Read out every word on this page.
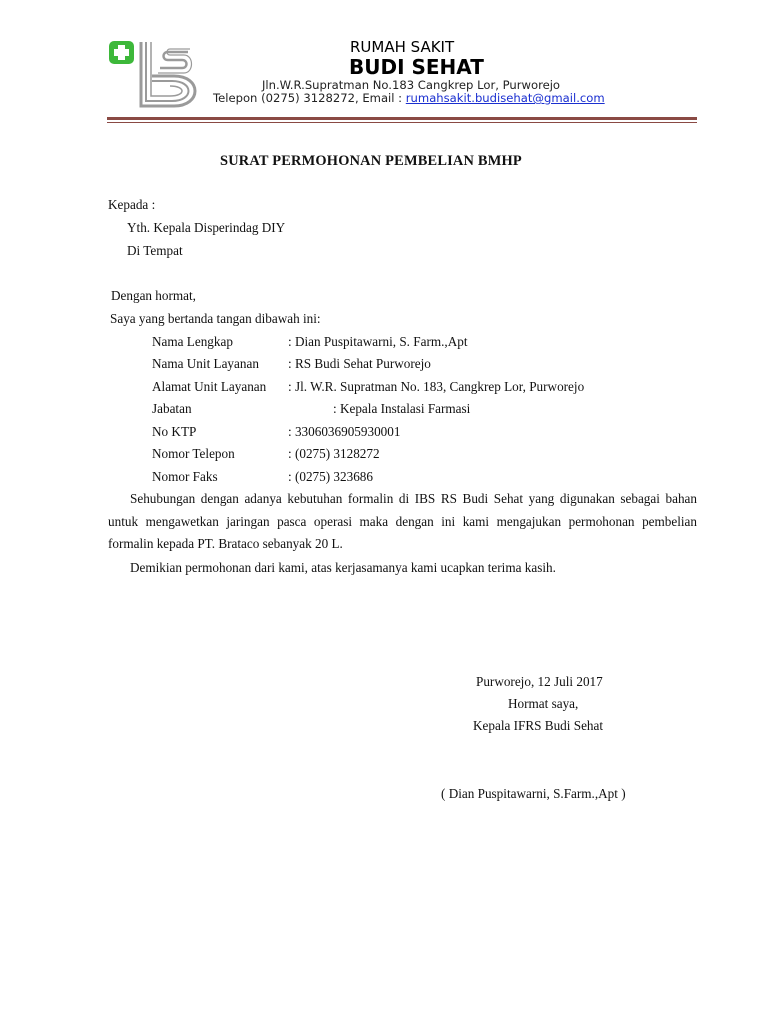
RUMAH SAKIT
BUDI SEHAT
Jln.W.R.Supratman No.183 Cangkrep Lor, Purworejo
Telepon (0275) 3128272, Email : rumahsakit.budisehat@gmail.com
SURAT PERMOHONAN PEMBELIAN BMHP
Kepada :
Yth. Kepala Disperindag DIY
Di Tempat
Dengan hormat,
Saya yang bertanda tangan dibawah ini:
Nama Lengkap	: Dian Puspitawarni, S. Farm.,Apt
Nama Unit Layanan : RS Budi Sehat Purworejo
Alamat Unit Layanan : Jl. W.R. Supratman No. 183, Cangkrep Lor, Purworejo
Jabatan	: Kepala Instalasi Farmasi
No KTP	: 3306036905930001
Nomor Telepon	: (0275) 3128272
Nomor Faks	: (0275) 323686
Sehubungan dengan adanya kebutuhan formalin di IBS RS Budi Sehat yang digunakan sebagai bahan untuk mengawetkan jaringan pasca operasi maka dengan ini kami mengajukan permohonan pembelian formalin kepada PT. Brataco sebanyak 20 L.
Demikian permohonan dari kami, atas kerjasamanya kami ucapkan terima kasih.
Purworejo, 12 Juli 2017
Hormat saya,
Kepala IFRS Budi Sehat
( Dian Puspitawarni, S.Farm.,Apt )
